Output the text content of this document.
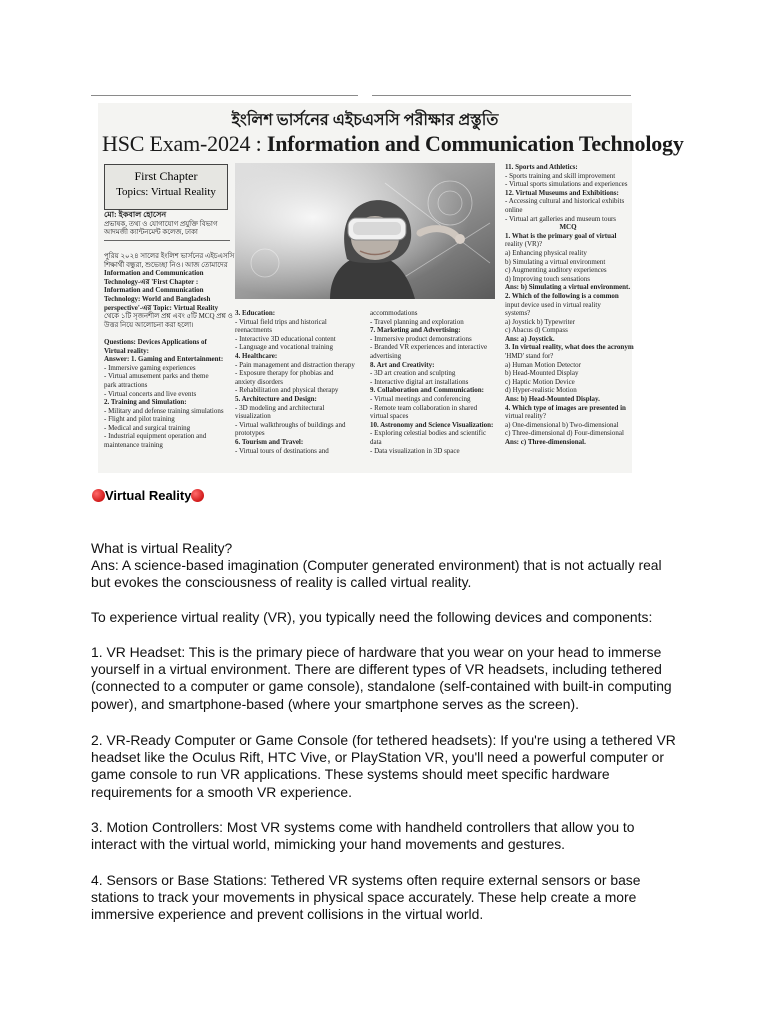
ইংলিশ ভার্সনের এইচএসসি পরীক্ষার প্রস্তুতি
HSC Exam-2024 : Information and Communication Technology
First Chapter
Topics: Virtual Reality
মো: ইকবাল হোসেন
প্রভাষক, তথ্য ও যোগাযোগ প্রযুক্তি বিভাগ
আদমজী ক্যান্টনমেন্ট কলেজ, ঢাকা
পুরিয় ২০২৪ সালের ইংলিশ ভার্সনের এইচএসসি
শিক্ষার্থী বন্ধুরা, শুভেচ্ছা নিও। আজ তোমাদের
Information and Communication
Technology-এর 'First Chapter :
Information and Communication
Technology: World and Bangladesh
perspective'-এর Topic: Virtual Reality
থেকে ১টি সৃজনশীল প্রশ্ন এবং ৫টি MCQ প্রশ্ন ও
উত্তর নিয়ে আলোচনা করা হলো।

Questions: Devices Applications of
Virtual reality:
Answer: 1. Gaming and Entertainment:
- Immersive gaming experiences
- Virtual amusement parks and theme
park attractions
- Virtual concerts and live events
2. Training and Simulation:
- Military and defense training simulations
- Flight and pilot training
- Medical and surgical training
- Industrial equipment operation and
maintenance training
3. Education:
- Virtual field trips and historical
reenactments
- Interactive 3D educational content
- Language and vocational training
4. Healthcare:
- Pain management and distraction therapy
- Exposure therapy for phobias and
anxiety disorders
- Rehabilitation and physical therapy
5. Architecture and Design:
- 3D modeling and architectural
visualization
- Virtual walkthroughs of buildings and
prototypes
6. Tourism and Travel:
- Virtual tours of destinations and
accommodations
- Travel planning and exploration
7. Marketing and Advertising:
- Immersive product demonstrations
- Branded VR experiences and interactive
advertising
8. Art and Creativity:
- 3D art creation and sculpting
- Interactive digital art installations
9. Collaboration and Communication:
- Virtual meetings and conferencing
- Remote team collaboration in shared
virtual spaces
10. Astronomy and Science Visualization:
- Exploring celestial bodies and scientific
data
- Data visualization in 3D space
11. Sports and Athletics:
- Sports training and skill improvement
- Virtual sports simulations and experiences
12. Virtual Museums and Exhibitions:
- Accessing cultural and historical exhibits
online
- Virtual art galleries and museum tours
MCQ
1. What is the primary goal of virtual
reality (VR)?
a) Enhancing physical reality
b) Simulating a virtual environment
c) Augmenting auditory experiences
d) Improving touch sensations
Ans: b) Simulating a virtual environment.
2. Which of the following is a common
input device used in virtual reality
systems?
a) Joystick b) Typewriter
c) Abacus d) Compass
Ans: a) Joystick.
3. In virtual reality, what does the acronym
'HMD' stand for?
a) Human Motion Detector
b) Head-Mounted Display
c) Haptic Motion Device
d) Hyper-realistic Motion
Ans: b) Head-Mounted Display.
4. Which type of images are presented in
virtual reality?
a) One-dimensional b) Two-dimensional
c) Three-dimensional d) Four-dimensional
Ans: c) Three-dimensional.
Virtual Reality
What is virtual Reality?
Ans: A science-based imagination (Computer generated environment) that is not actually real
but evokes the consciousness of reality is called virtual reality.
To experience virtual reality (VR), you typically need the following devices and components:
1. VR Headset: This is the primary piece of hardware that you wear on your head to immerse
yourself in a virtual environment. There are different types of VR headsets, including tethered
(connected to a computer or game console), standalone (self-contained with built-in computing
power), and smartphone-based (where your smartphone serves as the screen).
2. VR-Ready Computer or Game Console (for tethered headsets): If you're using a tethered VR
headset like the Oculus Rift, HTC Vive, or PlayStation VR, you'll need a powerful computer or
game console to run VR applications. These systems should meet specific hardware
requirements for a smooth VR experience.
3. Motion Controllers: Most VR systems come with handheld controllers that allow you to
interact with the virtual world, mimicking your hand movements and gestures.
4. Sensors or Base Stations: Tethered VR systems often require external sensors or base
stations to track your movements in physical space accurately. These help create a more
immersive experience and prevent collisions in the virtual world.
